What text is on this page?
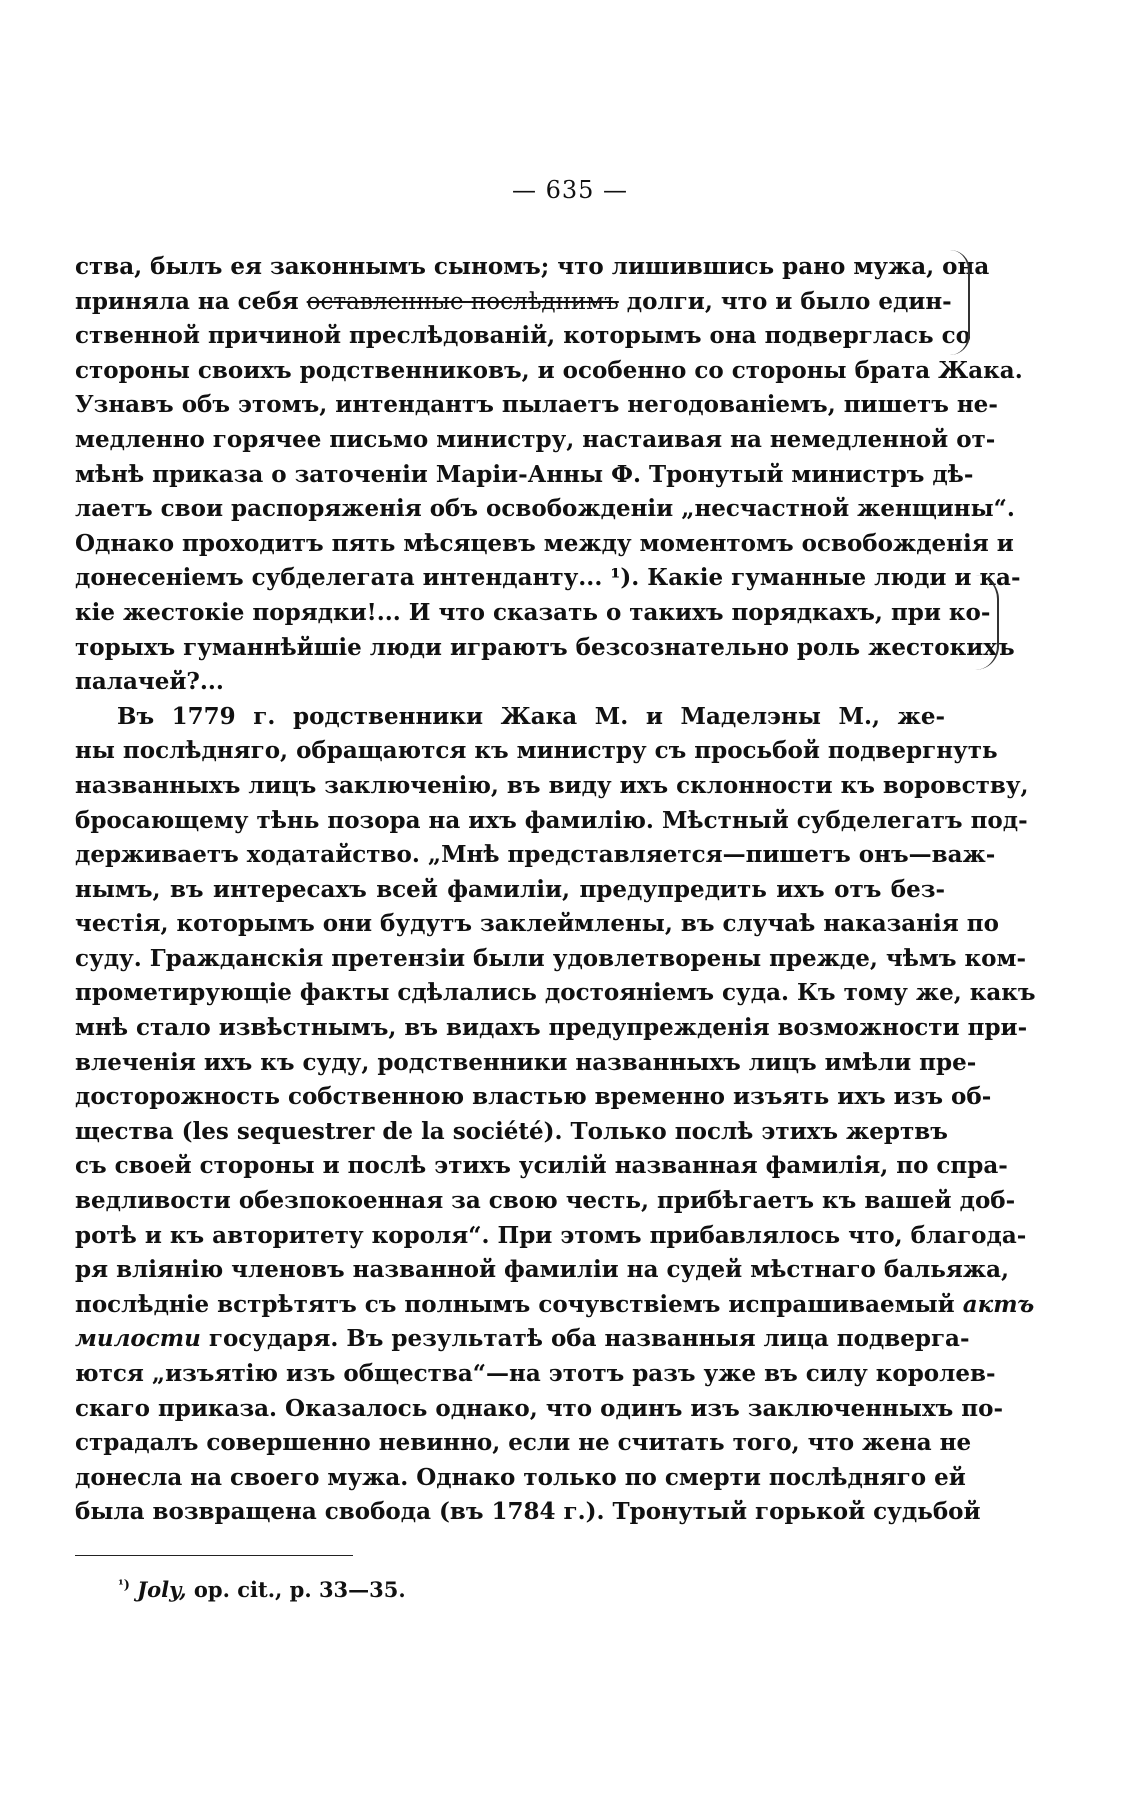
— 635 —
ства, былъ ея законнымъ сыномъ; что лишившись рано мужа, она
приняла на себя оставленные послѣднимъ долги, что и было един-
ственной причиной преслѣдованій, которымъ она подверглась со
стороны своихъ родственниковъ, и особенно со стороны брата Жака.
Узнавъ объ этомъ, интендантъ пылаетъ негодованіемъ, пишетъ не-
медленно горячее письмо министру, настаивая на немедленной от-
мѣнѣ приказа о заточеніи Маріи-Анны Ф. Тронутый министръ дѣ-
лаетъ свои распоряженія объ освобожденіи „несчастной женщины“.
Однако проходитъ пять мѣсяцевъ между моментомъ освобожденія и
донесеніемъ субделегата интенданту... ¹). Какіе гуманные люди и ка-
кіе жестокіе порядки!... И что сказать о такихъ порядкахъ, при ко-
торыхъ гуманнѣйшіе люди играютъ безсознательно роль жестокихъ
палачей?...
Въ 1779 г. родственники Жака М. и Маделэны М., же-
ны послѣдняго, обращаются къ министру съ просьбой подвергнуть
названныхъ лицъ заключенію, въ виду ихъ склонности къ воровству,
бросающему тѣнь позора на ихъ фамилію. Мѣстный субделегатъ под-
держиваетъ ходатайство. „Мнѣ представляется—пишетъ онъ—важ-
нымъ, въ интересахъ всей фамиліи, предупредить ихъ отъ без-
честія, которымъ они будутъ заклеймлены, въ случаѣ наказанія по
суду. Гражданскія претензіи были удовлетворены прежде, чѣмъ ком-
прометирующіе факты сдѣлались достояніемъ суда. Къ тому же, какъ
мнѣ стало извѣстнымъ, въ видахъ предупрежденія возможности при-
влеченія ихъ къ суду, родственники названныхъ лицъ имѣли пре-
досторожность собственною властью временно изъять ихъ изъ об-
щества (les sequestrer de la société). Только послѣ этихъ жертвъ
съ своей стороны и послѣ этихъ усилій названная фамилія, по спра-
ведливости обезпокоенная за свою честь, прибѣгаетъ къ вашей доб-
ротѣ и къ авторитету короля“. При этомъ прибавлялось что, благода-
ря вліянію членовъ названной фамиліи на судей мѣстнаго бальяжа,
послѣдніе встрѣтятъ съ полнымъ сочувствіемъ испрашиваемый актъ
милости государя. Въ результатѣ оба названныя лица подверга-
ются „изъятію изъ общества“—на этотъ разъ уже въ силу королев-
скаго приказа. Оказалось однако, что одинъ изъ заключенныхъ по-
страдалъ совершенно невинно, если не считать того, что жена не
донесла на своего мужа. Однако только по смерти послѣдняго ей
была возвращена свобода (въ 1784 г.). Тронутый горькой судьбой
$^{^1)}$ Joly, op. cit., p. 33—35.
